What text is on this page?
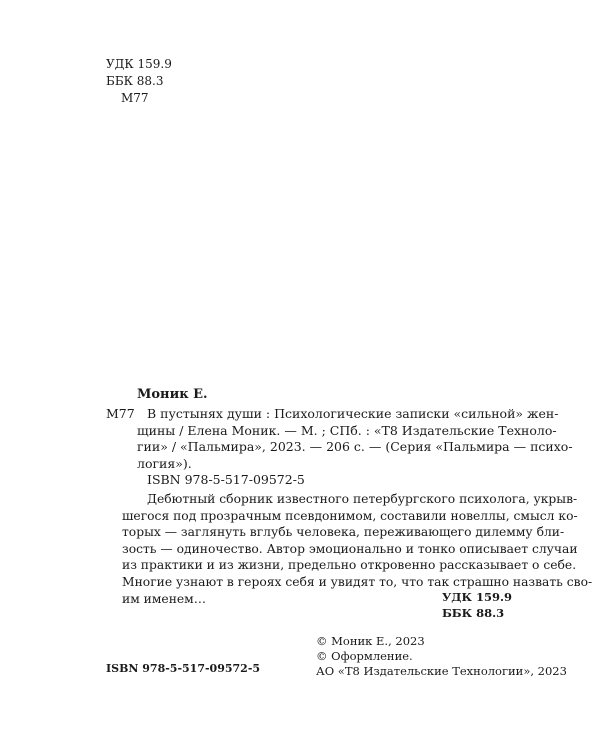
УДК 159.9
ББК 88.3
М77
Моник Е.
М77 В пустынях души : Психологические записки «сильной» жен-
щины / Елена Моник. — М. ; СПб. : «Т8 Издательские Техноло-
гии» / «Пальмира», 2023. — 206 с. — (Серия «Пальмира — психо-
логия»).
ISBN 978-5-517-09572-5
Дебютный сборник известного петербургского психолога, укрыв-
шегося под прозрачным псевдонимом, составили новеллы, смысл ко-
торых — заглянуть вглубь человека, переживающего дилемму бли-
зость — одиночество. Автор эмоционально и тонко описывает случаи
из практики и из жизни, предельно откровенно рассказывает о себе.
Многие узнают в героях себя и увидят то, что так страшно назвать сво-
им именем…	УДК 159.9
ББК 88.3
© Моник Е., 2023
© Оформление.
АО «Т8 Издательские Технологии», 2023
ISBN 978-5-517-09572-5
